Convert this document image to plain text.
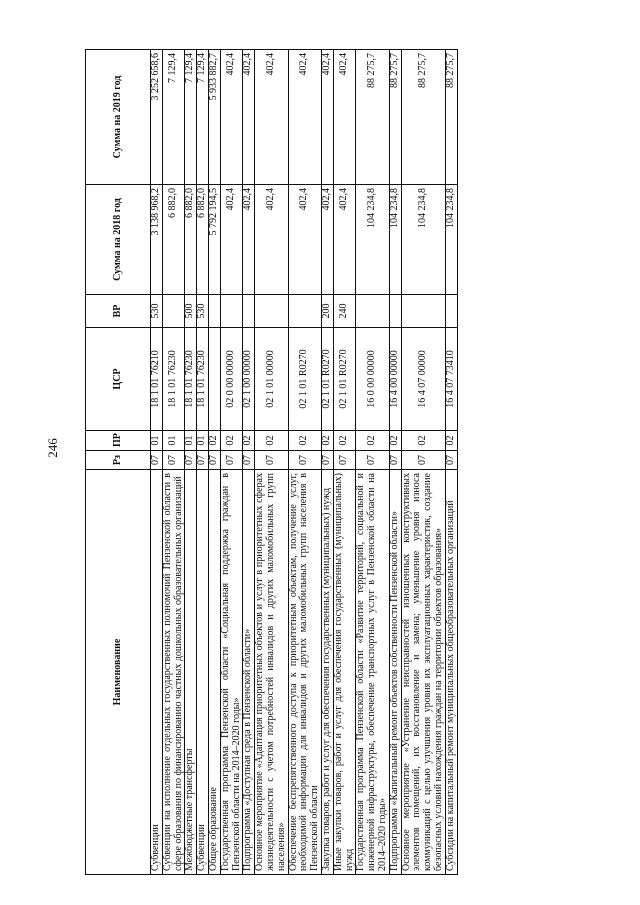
246
Наименование	Рз	ПР	ЦСР	ВР	Сумма на 2018 год	Сумма на 2019 год
Субвенции	07	01	18 1 01 76210	530	3 138 968,2	3 252 658,6
Субвенции на исполнение отдельных государственных полномочий Пензенской области в сфере образования по финансированию частных дошкольных образовательных организаций	07	01	18 1 01 76230		6 882,0	7 129,4
Межбюджетные трансферты	07	01	18 1 01 76230	500	6 882,0	7 129,4
Субвенции	07	01	18 1 01 76230	530	6 882,0	7 129,4
Общее образование	07	02			5 792 194,5	5 933 882,7
Государственная программа Пензенской области «Социальная поддержка граждан в Пензенской области на 2014–2020 годы»	07	02	02 0 00 00000		402,4	402,4
Подпрограмма «Доступная среда в Пензенской области»	07	02	02 1 00 00000		402,4	402,4
Основное мероприятие «Адаптация приоритетных объектов и услуг в приоритетных сферах жизнедеятельности с учетом потребностей инвалидов и других маломобильных групп населения»	07	02	02 1 01 00000		402,4	402,4
Обеспечение беспрепятственного доступа к приоритетным объектам, получение услуг, необходимой информации для инвалидов и других маломобильных групп населения в Пензенской области	07	02	02 1 01 R0270		402,4	402,4
Закупка товаров, работ и услуг для обеспечения государственных (муниципальных) нужд	07	02	02 1 01 R0270	200	402,4	402,4
Иные закупки товаров, работ и услуг для обеспечения государственных (муниципальных) нужд	07	02	02 1 01 R0270	240	402,4	402,4
Государственная программа Пензенской области «Развитие территорий, социальной и инженерной инфраструктуры, обеспечение транспортных услуг в Пензенской области на 2014–2020 годы»	07	02	16 0 00 00000		104 234,8	88 275,7
Подпрограмма «Капитальный ремонт объектов собственности Пензенской области»	07	02	16 4 00 00000		104 234,8	88 275,7
Основное мероприятие «Устранение неисправностей изношенных конструктивных элементов помещений, их восстановление и замена; уменьшение уровня износа коммуникаций с целью улучшения уровня их эксплуатационных характеристик, создание безопасных условий нахождения граждан на территории объектов образования»	07	02	16 4 07 00000		104 234,8	88 275,7
Субсидии на капитальный ремонт муниципальных общеобразовательных организаций	07	02	16 4 07 73410		104 234,8	88 275,7
